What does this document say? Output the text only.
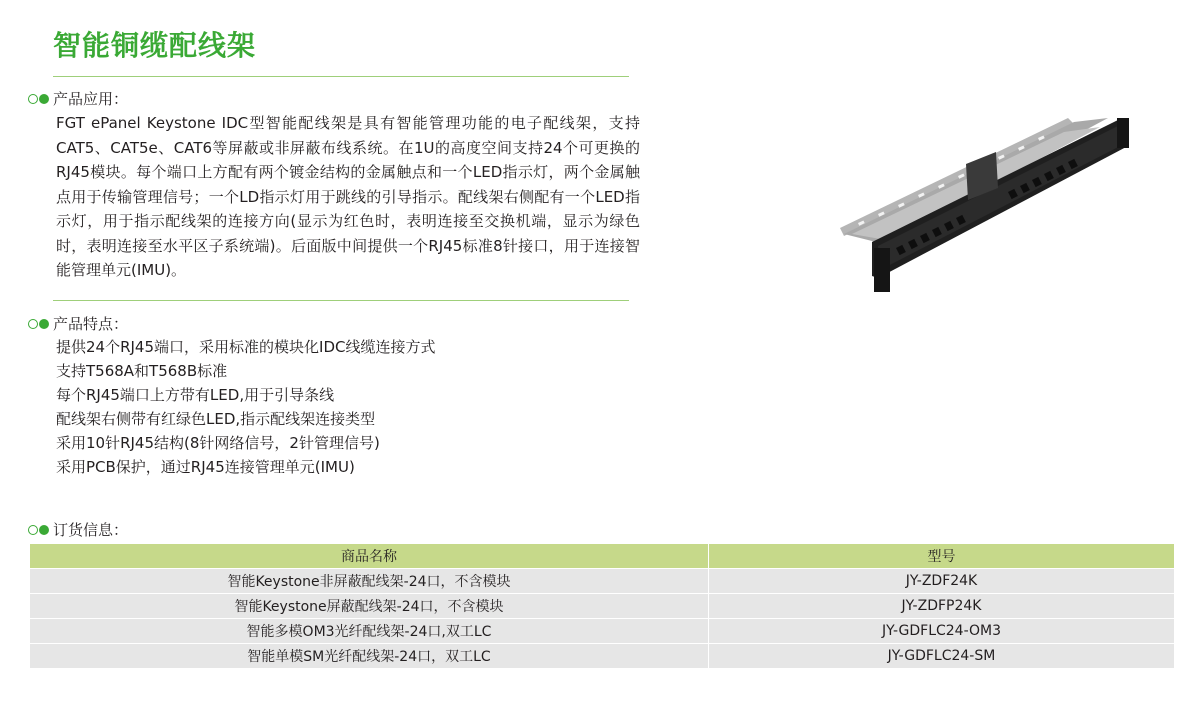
智能铜缆配线架
产品应用：

FGT ePanel Keystone IDC型智能配线架是具有智能管理功能的电子配线架，支持CAT5、CAT5e、CAT6等屏蔽或非屏蔽布线系统。在1U的高度空间支持24个可更换的RJ45模块。每个端口上方配有两个镀金结构的金属触点和一个LED指示灯，两个金属触点用于传输管理信号；一个LD指示灯用于跳线的引导指示。配线架右侧配有一个LED指示灯，用于指示配线架的连接方向(显示为红色时，表明连接至交换机端，显示为绿色时，表明连接至水平区子系统端)。后面版中间提供一个RJ45标准8针接口，用于连接智能管理单元(IMU)。

产品特点：
提供24个RJ45端口，采用标准的模块化IDC线缆连接方式
支持T568A和T568B标准
每个RJ45端口上方带有LED,用于引导条线
配线架右侧带有红绿色LED,指示配线架连接类型
采用10针RJ45结构(8针网络信号，2针管理信号)
采用PCB保护，通过RJ45连接管理单元(IMU)
订货信息：
商品名称	型号
智能Keystone非屏蔽配线架-24口，不含模块	JY-ZDF24K
智能Keystone屏蔽配线架-24口，不含模块	JY-ZDFP24K
智能多模OM3光纤配线架-24口,双工LC	JY-GDFLC24-OM3
智能单模SM光纤配线架-24口，双工LC	JY-GDFLC24-SM
